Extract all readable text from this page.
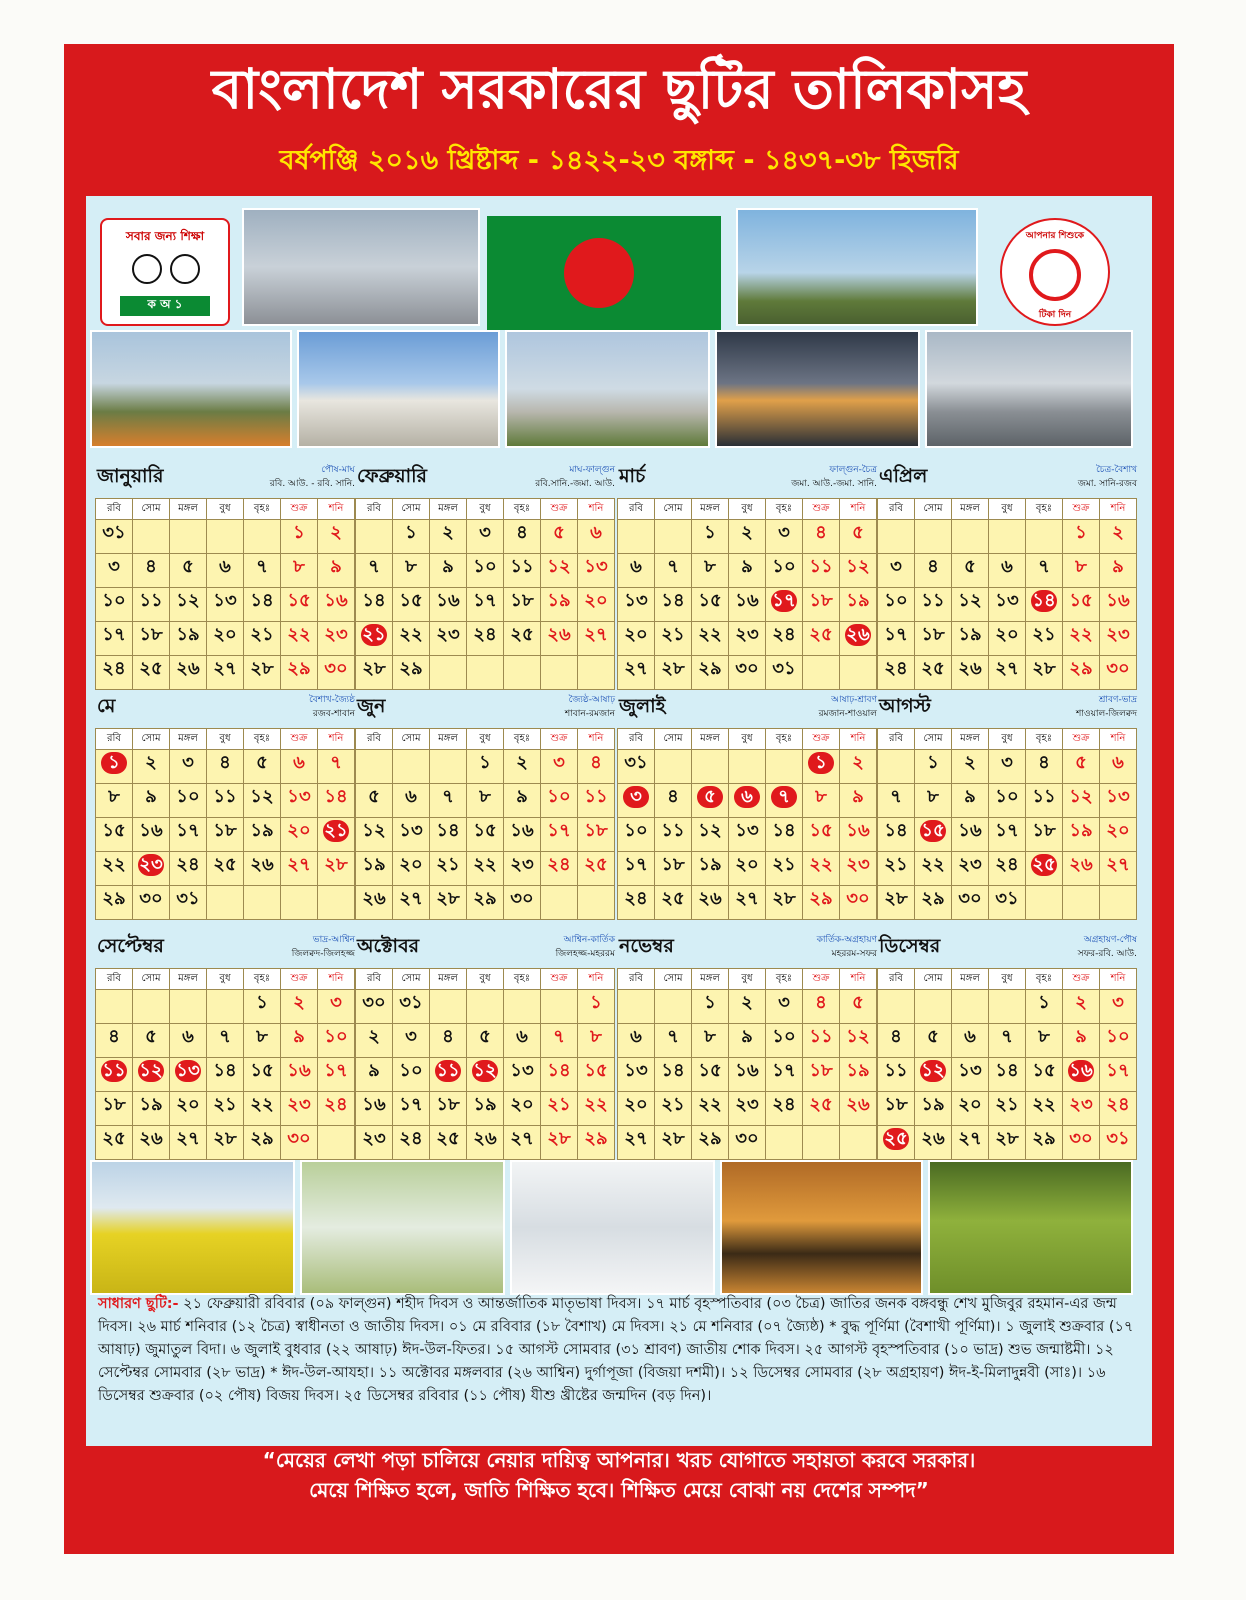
বাংলাদেশ সরকারের ছুটির তালিকাসহ
বর্ষপঞ্জি ২০১৬ খ্রিষ্টাব্দ - ১৪২২-২৩ বঙ্গাব্দ - ১৪৩৭-৩৮ হিজরি
সবার জন্য শিক্ষা
ক অ ১
আপনার শিশুকে
টিকা দিন
জানুয়ারি	পৌষ-মাঘ
রবি. আউ. - রবি. সানি.
রবি	সোম	মঙ্গল	বুধ	বৃহঃ	শুক্র	শনি
৩১					১	২
৩	৪	৫	৬	৭	৮	৯
১০	১১	১২	১৩	১৪	১৫	১৬
১৭	১৮	১৯	২০	২১	২২	২৩
২৪	২৫	২৬	২৭	২৮	২৯	৩০
ফেব্রুয়ারি	মাঘ-ফাল্গুন
রবি.সানি.-জমা. আউ.
রবি	সোম	মঙ্গল	বুধ	বৃহঃ	শুক্র	শনি
	১	২	৩	৪	৫	৬
৭	৮	৯	১০	১১	১২	১৩
১৪	১৫	১৬	১৭	১৮	১৯	২০
২১	২২	২৩	২৪	২৫	২৬	২৭
২৮	২৯					
মার্চ	ফাল্গুন-চৈত্র
জমা. আউ.-জমা. সানি.
রবি	সোম	মঙ্গল	বুধ	বৃহঃ	শুক্র	শনি
		১	২	৩	৪	৫
৬	৭	৮	৯	১০	১১	১২
১৩	১৪	১৫	১৬	১৭	১৮	১৯
২০	২১	২২	২৩	২৪	২৫	২৬
২৭	২৮	২৯	৩০	৩১		
এপ্রিল	চৈত্র-বৈশাখ
জমা. সানি-রজব
রবি	সোম	মঙ্গল	বুধ	বৃহঃ	শুক্র	শনি
					১	২
৩	৪	৫	৬	৭	৮	৯
১০	১১	১২	১৩	১৪	১৫	১৬
১৭	১৮	১৯	২০	২১	২২	২৩
২৪	২৫	২৬	২৭	২৮	২৯	৩০
মে	বৈশাখ-জ্যৈষ্ঠ
রজব-শাবান
রবি	সোম	মঙ্গল	বুধ	বৃহঃ	শুক্র	শনি
১	২	৩	৪	৫	৬	৭
৮	৯	১০	১১	১২	১৩	১৪
১৫	১৬	১৭	১৮	১৯	২০	২১
২২	২৩	২৪	২৫	২৬	২৭	২৮
২৯	৩০	৩১				
জুন	জ্যৈষ্ঠ-আষাঢ়
শাবান-রমজান
রবি	সোম	মঙ্গল	বুধ	বৃহঃ	শুক্র	শনি
			১	২	৩	৪
৫	৬	৭	৮	৯	১০	১১
১২	১৩	১৪	১৫	১৬	১৭	১৮
১৯	২০	২১	২২	২৩	২৪	২৫
২৬	২৭	২৮	২৯	৩০		
জুলাই	আষাঢ়-শ্রাবণ
রমজান-শাওয়াল
রবি	সোম	মঙ্গল	বুধ	বৃহঃ	শুক্র	শনি
৩১					১	২
৩	৪	৫	৬	৭	৮	৯
১০	১১	১২	১৩	১৪	১৫	১৬
১৭	১৮	১৯	২০	২১	২২	২৩
২৪	২৫	২৬	২৭	২৮	২৯	৩০
আগস্ট	শ্রাবণ-ভাদ্র
শাওয়াল-জিলক্বদ
রবি	সোম	মঙ্গল	বুধ	বৃহঃ	শুক্র	শনি
	১	২	৩	৪	৫	৬
৭	৮	৯	১০	১১	১২	১৩
১৪	১৫	১৬	১৭	১৮	১৯	২০
২১	২২	২৩	২৪	২৫	২৬	২৭
২৮	২৯	৩০	৩১			
সেপ্টেম্বর	ভাদ্র-আশ্বিন
জিলক্বদ-জিলহজ্জ
রবি	সোম	মঙ্গল	বুধ	বৃহঃ	শুক্র	শনি
				১	২	৩
৪	৫	৬	৭	৮	৯	১০
১১	১২	১৩	১৪	১৫	১৬	১৭
১৮	১৯	২০	২১	২২	২৩	২৪
২৫	২৬	২৭	২৮	২৯	৩০	
অক্টোবর	আশ্বিন-কার্তিক
জিলহজ্জ-মহররম
রবি	সোম	মঙ্গল	বুধ	বৃহঃ	শুক্র	শনি
৩০	৩১					১
২	৩	৪	৫	৬	৭	৮
৯	১০	১১	১২	১৩	১৪	১৫
১৬	১৭	১৮	১৯	২০	২১	২২
২৩	২৪	২৫	২৬	২৭	২৮	২৯
নভেম্বর	কার্তিক-অগ্রহায়ণ
মহররম-সফর
রবি	সোম	মঙ্গল	বুধ	বৃহঃ	শুক্র	শনি
		১	২	৩	৪	৫
৬	৭	৮	৯	১০	১১	১২
১৩	১৪	১৫	১৬	১৭	১৮	১৯
২০	২১	২২	২৩	২৪	২৫	২৬
২৭	২৮	২৯	৩০			
ডিসেম্বর	অগ্রহায়ণ-পৌষ
সফর-রবি. আউ.
রবি	সোম	মঙ্গল	বুধ	বৃহঃ	শুক্র	শনি
				১	২	৩
৪	৫	৬	৭	৮	৯	১০
১১	১২	১৩	১৪	১৫	১৬	১৭
১৮	১৯	২০	২১	২২	২৩	২৪
২৫	২৬	২৭	২৮	২৯	৩০	৩১
সাধারণ ছুটি:- ২১ ফেব্রুয়ারী রবিবার (০৯ ফাল্গুন) শহীদ দিবস ও আন্তর্জাতিক মাতৃভাষা দিবস। ১৭ মার্চ বৃহস্পতিবার (০৩ চৈত্র) জাতির জনক বঙ্গবন্ধু শেখ মুজিবুর রহমান-এর জন্ম দিবস। ২৬ মার্চ শনিবার (১২ চৈত্র) স্বাধীনতা ও জাতীয় দিবস। ০১ মে রবিবার (১৮ বৈশাখ) মে দিবস। ২১ মে শনিবার (০৭ জ্যৈষ্ঠ) * বুদ্ধ পূর্ণিমা (বৈশাখী পূর্ণিমা)। ১ জুলাই শুক্রবার (১৭ আষাঢ়) জুমাতুল বিদা। ৬ জুলাই বুধবার (২২ আষাঢ়) ঈদ-উল-ফিতর। ১৫ আগস্ট সোমবার (৩১ শ্রাবণ) জাতীয় শোক দিবস। ২৫ আগস্ট বৃহস্পতিবার (১০ ভাদ্র) শুভ জন্মাষ্টমী। ১২ সেপ্টেম্বর সোমবার (২৮ ভাদ্র) * ঈদ-উল-আযহা। ১১ অক্টোবর মঙ্গলবার (২৬ আশ্বিন) দুর্গাপূজা (বিজয়া দশমী)। ১২ ডিসেম্বর সোমবার (২৮ অগ্রহায়ণ) ঈদ-ই-মিলাদুন্নবী (সাঃ)। ১৬ ডিসেম্বর শুক্রবার (০২ পৌষ) বিজয় দিবস। ২৫ ডিসেম্বর রবিবার (১১ পৌষ) যীশু খ্রীষ্টের জন্মদিন (বড় দিন)।
“মেয়ের লেখা পড়া চালিয়ে নেয়ার দায়িত্ব আপনার। খরচ যোগাতে সহায়তা করবে সরকার।
মেয়ে শিক্ষিত হলে, জাতি শিক্ষিত হবে। শিক্ষিত মেয়ে বোঝা নয় দেশের সম্পদ”
